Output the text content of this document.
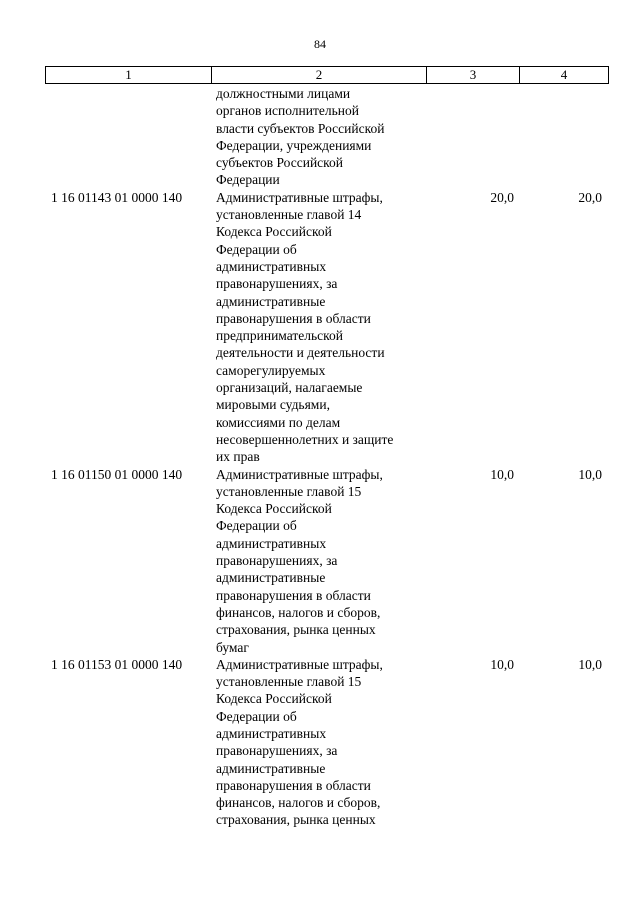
84
1	2	3	4
должностными лицами
органов исполнительной
власти субъектов Российской
Федерации, учреждениями
субъектов Российской
Федерации
1 16 01143 01 0000 140	Административные штрафы,
установленные главой 14
Кодекса Российской
Федерации об
административных
правонарушениях, за
административные
правонарушения в области
предпринимательской
деятельности и деятельности
саморегулируемых
организаций, налагаемые
мировыми судьями,
комиссиями по делам
несовершеннолетних и защите
их прав
20,0	20,0
1 16 01150 01 0000 140	Административные штрафы,
установленные главой 15
Кодекса Российской
Федерации об
административных
правонарушениях, за
административные
правонарушения в области
финансов, налогов и сборов,
страхования, рынка ценных
бумаг
10,0	10,0
1 16 01153 01 0000 140	Административные штрафы,
установленные главой 15
Кодекса Российской
Федерации об
административных
правонарушениях, за
административные
правонарушения в области
финансов, налогов и сборов,
страхования, рынка ценных
10,0	10,0
